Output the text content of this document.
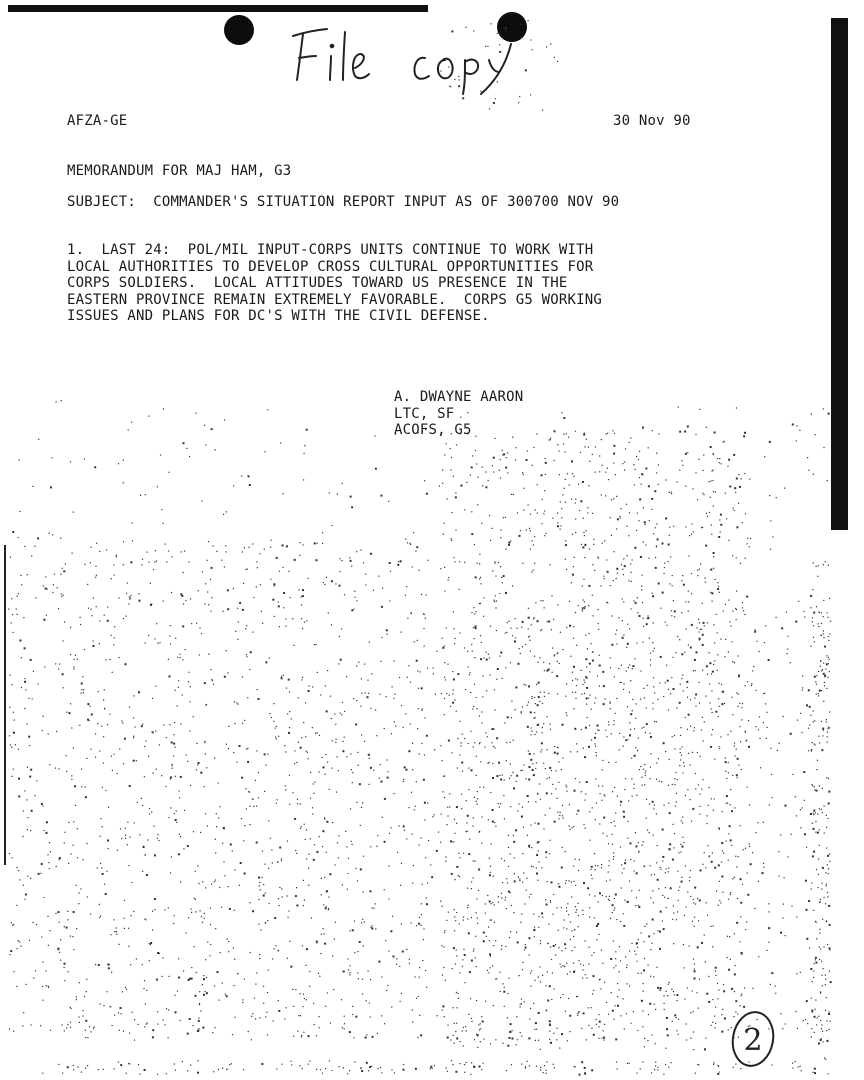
AFZA-GE	30 Nov 90
MEMORANDUM FOR MAJ HAM, G3
SUBJECT:  COMMANDER'S SITUATION REPORT INPUT AS OF 300700 NOV 90
1.  LAST 24:  POL/MIL INPUT-CORPS UNITS CONTINUE TO WORK WITH
LOCAL AUTHORITIES TO DEVELOP CROSS CULTURAL OPPORTUNITIES FOR
CORPS SOLDIERS.  LOCAL ATTITUDES TOWARD US PRESENCE IN THE
EASTERN PROVINCE REMAIN EXTREMELY FAVORABLE.  CORPS G5 WORKING
ISSUES AND PLANS FOR DC'S WITH THE CIVIL DEFENSE.
A. DWAYNE AARON
LTC, SF
ACOFS, G5
2
